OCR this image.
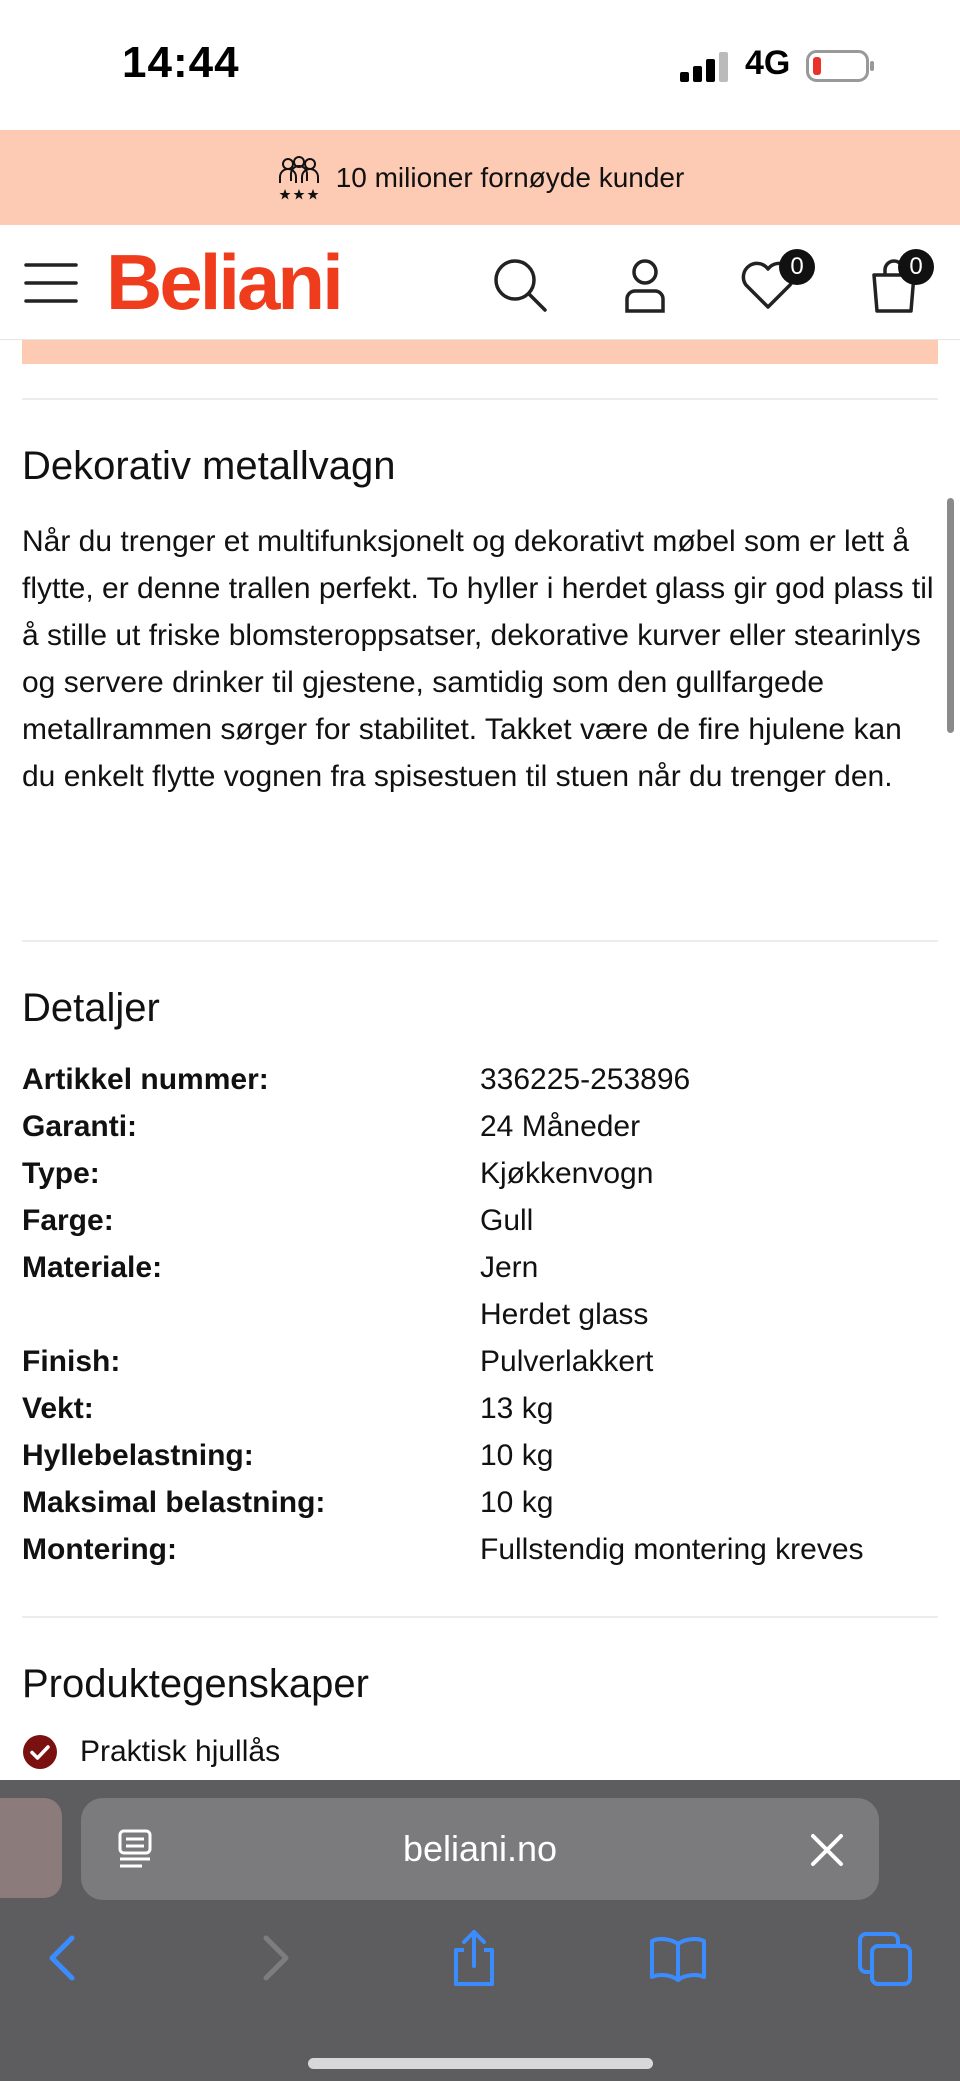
14:44	4G
10 milioner fornøyde kunder
Beliani	0	0
Dekorativ metallvagn

Når du trenger et multifunksjonelt og dekorativt møbel som er lett å flytte, er denne trallen perfekt. To hyller i herdet glass gir god plass til å stille ut friske blomsteroppsatser, dekorative kurver eller stearinlys og servere drinker til gjestene, samtidig som den gullfargede metallrammen sørger for stabilitet. Takket være de fire hjulene kan du enkelt flytte vognen fra spisestuen til stuen når du trenger den.

Detaljer
Artikkel nummer:	336225-253896
Garanti:	24 Måneder
Type:	Kjøkkenvogn
Farge:	Gull
Materiale:	Jern
Herdet glass
Finish:	Pulverlakkert
Vekt:	13 kg
Hyllebelastning:	10 kg
Maksimal belastning:	10 kg
Montering:	Fullstendig montering kreves
Produktegenskaper
Praktisk hjullås
beliani.no
